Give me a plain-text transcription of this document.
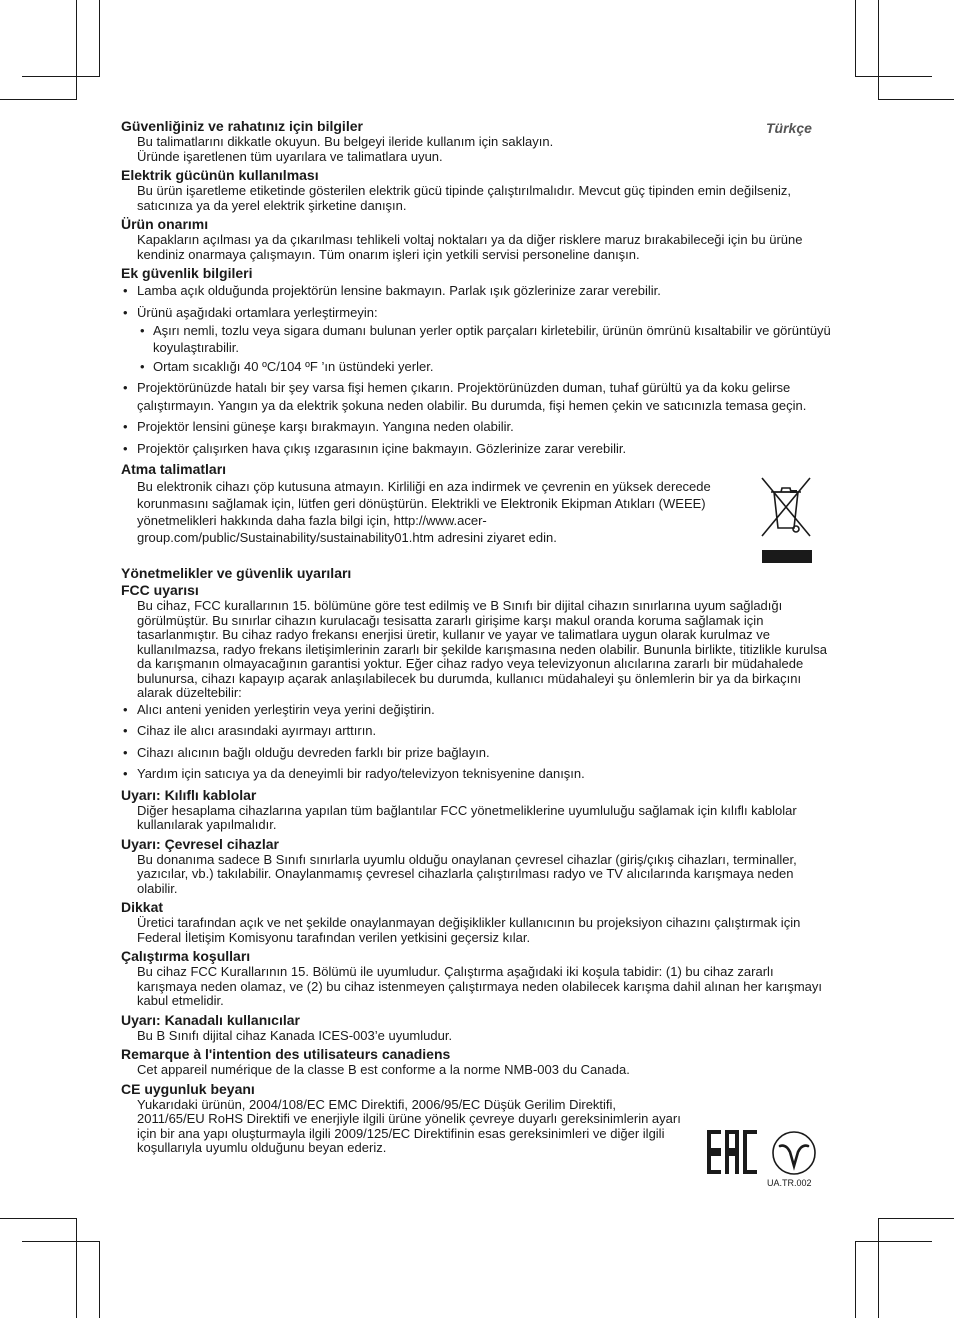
Türkçe
Güvenliğiniz ve rahatınız için bilgiler
Bu talimatlarını dikkatle okuyun. Bu belgeyi ileride kullanım için saklayın.
Üründe işaretlenen tüm uyarılara ve talimatlara uyun.
Elektrik gücünün kullanılması

Bu ürün işaretleme etiketinde gösterilen elektrik gücü tipinde çalıştırılmalıdır. Mevcut güç tipinden emin değilseniz, satıcınıza ya da yerel elektrik şirketine danışın.

Ürün onarımı

Kapakların açılması ya da çıkarılması tehlikeli voltaj noktaları ya da diğer risklere maruz bırakabileceği için bu ürüne kendiniz onarmaya çalışmayın. Tüm onarım işleri için yetkili servisi personeline danışın.

Ek güvenlik bilgileri
• Lamba açık olduğunda projektörün lensine bakmayın. Parlak ışık gözlerinize zarar verebilir.
• Ürünü aşağıdaki ortamlara yerleştirmeyin:
• Aşırı nemli, tozlu veya sigara dumanı bulunan yerler optik parçaları kirletebilir, ürünün ömrünü kısaltabilir ve görüntüyü koyulaştırabilir.
• Ortam sıcaklığı 40 ºC/104 ºF ’ın üstündeki yerler.
• Projektörünüzde hatalı bir şey varsa fişi hemen çıkarın. Projektörünüzden duman, tuhaf gürültü ya da koku gelirse çalıştırmayın. Yangın ya da elektrik şokuna neden olabilir. Bu durumda, fişi hemen çekin ve satıcınızla temasa geçin.
• Projektör lensini güneşe karşı bırakmayın. Yangına neden olabilir.
• Projektör çalışırken hava çıkış ızgarasının içine bakmayın. Gözlerinize zarar verebilir.
Atma talimatları

Bu elektronik cihazı çöp kutusuna atmayın. Kirliliği en aza indirmek ve çevrenin en yüksek derecede korunmasını sağlamak için, lütfen geri dönüştürün. Elektrikli ve Elektronik Ekipman Atıkları (WEEE) yönetmelikleri hakkında daha fazla bilgi için, http://www.acer-group.com/public/Sustainability/sustainability01.htm adresini ziyaret edin.

Yönetmelikler ve güvenlik uyarıları
FCC uyarısı

Bu cihaz, FCC kurallarının 15. bölümüne göre test edilmiş ve B Sınıfı bir dijital cihazın sınırlarına uyum sağladığı görülmüştür. Bu sınırlar cihazın kurulacağı tesisatta zararlı girişime karşı makul oranda koruma sağlamak için tasarlanmıştır. Bu cihaz radyo frekansı enerjisi üretir, kullanır ve yayar ve talimatlara uygun olarak kurulmaz ve kullanılmazsa, radyo frekans iletişimlerinin zararlı bir şekilde karışmasına neden olabilir. Bununla birlikte, titizlikle kurulsa da karışmanın olmayacağının garantisi yoktur. Eğer cihaz radyo veya televizyonun alıcılarına zararlı bir müdahalede bulunursa, cihazı kapayıp açarak anlaşılabilecek bu durumda, kullanıcı müdahaleyi şu önlemlerin bir ya da birkaçını alarak düzeltebilir:

• Alıcı anteni yeniden yerleştirin veya yerini değiştirin.
• Cihaz ile alıcı arasındaki ayırmayı arttırın.
• Cihazı alıcının bağlı olduğu devreden farklı bir prize bağlayın.
• Yardım için satıcıya ya da deneyimli bir radyo/televizyon teknisyenine danışın.
Uyarı: Kılıflı kablolar

Diğer hesaplama cihazlarına yapılan tüm bağlantılar FCC yönetmeliklerine uyumluluğu sağlamak için kılıflı kablolar kullanılarak yapılmalıdır.

Uyarı: Çevresel cihazlar

Bu donanıma sadece B Sınıfı sınırlarla uyumlu olduğu onaylanan çevresel cihazlar (giriş/çıkış cihazları, terminaller, yazıcılar, vb.) takılabilir. Onaylanmamış çevresel cihazlarla çalıştırılması radyo ve TV alıcılarında karışmaya neden olabilir.

Dikkat

Üretici tarafından açık ve net şekilde onaylanmayan değişiklikler kullanıcının bu projeksiyon cihazını çalıştırmak için Federal İletişim Komisyonu tarafından verilen yetkisini geçersiz kılar.

Çalıştırma koşulları

Bu cihaz FCC Kurallarının 15. Bölümü ile uyumludur. Çalıştırma aşağıdaki iki koşula tabidir: (1) bu cihaz zararlı karışmaya neden olamaz, ve (2) bu cihaz istenmeyen çalıştırmaya neden olabilecek karışma dahil alınan her karışmayı kabul etmelidir.

Uyarı: Kanadalı kullanıcılar

Bu B Sınıfı dijital cihaz Kanada ICES-003’e uyumludur.

Remarque à l'intention des utilisateurs canadiens

Cet appareil numérique de la classe B est conforme a la norme NMB-003 du Canada.

CE uygunluk beyanı

Yukarıdaki ürünün, 2004/108/EC EMC Direktifi, 2006/95/EC Düşük Gerilim Direktifi, 2011/65/EU RoHS Direktifi ve enerjiyle ilgili ürüne yönelik çevreye duyarlı gereksinimlerin ayarı için bir ana yapı oluşturmayla ilgili 2009/125/EC Direktifinin esas gereksinimleri ve diğer ilgili koşullarıyla uyumlu olduğunu beyan ederiz.

UA.TR.002
